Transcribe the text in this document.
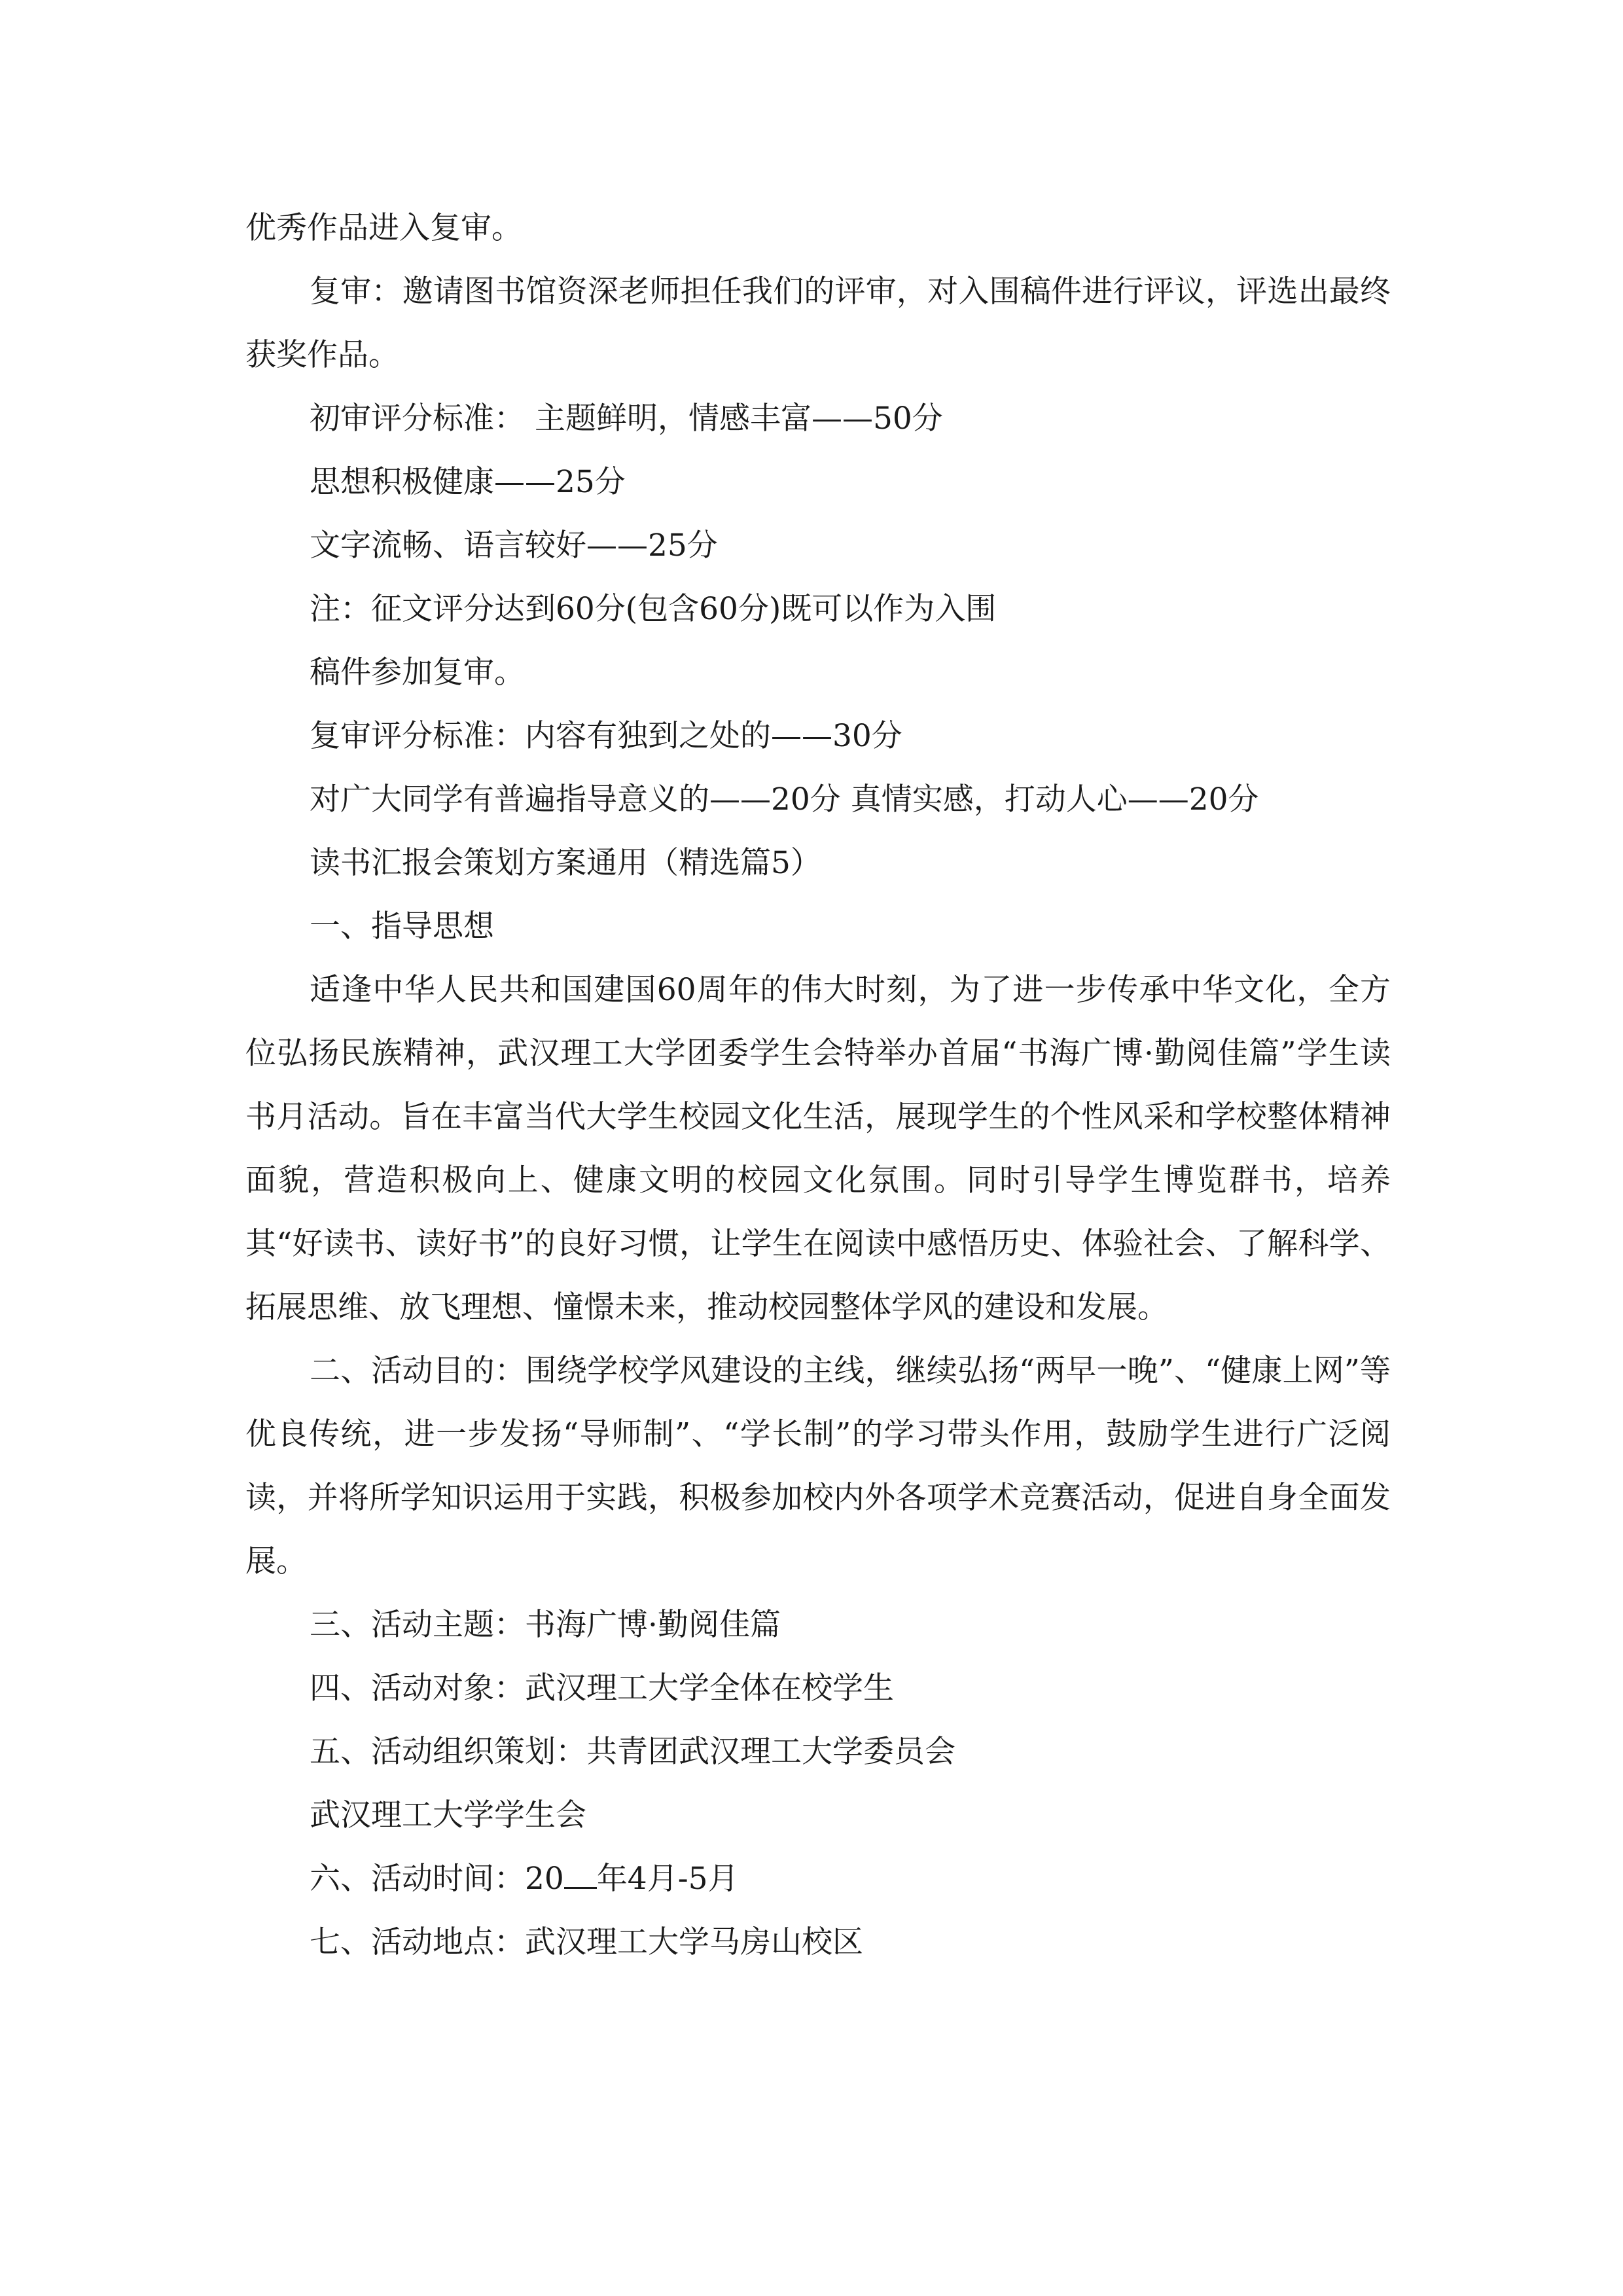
优秀作品进入复审。

复审：邀请图书馆资深老师担任我们的评审，对入围稿件进行评议，评选出最终获奖作品。

初审评分标准： 主题鲜明，情感丰富——50分

思想积极健康——25分

文字流畅、语言较好——25分

注：征文评分达到60分(包含60分)既可以作为入围

稿件参加复审。

复审评分标准：内容有独到之处的——30分

对广大同学有普遍指导意义的——20分 真情实感，打动人心——20分

读书汇报会策划方案通用（精选篇5）

一、指导思想

适逢中华人民共和国建国60周年的伟大时刻，为了进一步传承中华文化，全方位弘扬民族精神，武汉理工大学团委学生会特举办首届“书海广博·勤阅佳篇”学生读书月活动。旨在丰富当代大学生校园文化生活，展现学生的个性风采和学校整体精神面貌，营造积极向上、健康文明的校园文化氛围。同时引导学生博览群书，培养其“好读书、读好书”的良好习惯，让学生在阅读中感悟历史、体验社会、了解科学、拓展思维、放飞理想、憧憬未来，推动校园整体学风的建设和发展。

二、活动目的：围绕学校学风建设的主线，继续弘扬“两早一晚”、“健康上网”等优良传统，进一步发扬“导师制”、“学长制”的学习带头作用，鼓励学生进行广泛阅读，并将所学知识运用于实践，积极参加校内外各项学术竞赛活动，促进自身全面发展。

三、活动主题：书海广博·勤阅佳篇

四、活动对象：武汉理工大学全体在校学生

五、活动组织策划：共青团武汉理工大学委员会

武汉理工大学学生会

六、活动时间：20 年4月-5月

七、活动地点：武汉理工大学马房山校区
